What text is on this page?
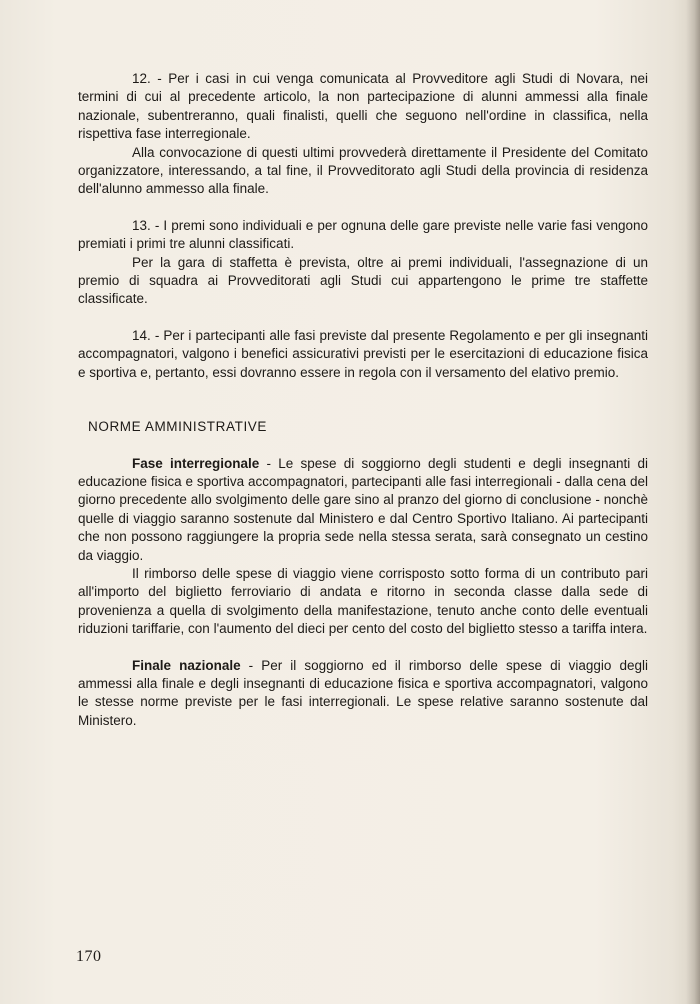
12. - Per i casi in cui venga comunicata al Provveditore agli Studi di Novara, nei termini di cui al precedente articolo, la non partecipazione di alunni ammessi alla finale nazionale, subentreranno, quali finalisti, quelli che seguono nell'ordine in classifica, nella rispettiva fase interregionale.

Alla convocazione di questi ultimi provvederà direttamente il Presidente del Comitato organizzatore, interessando, a tal fine, il Provveditorato agli Studi della provincia di residenza dell'alunno ammesso alla finale.

13. - I premi sono individuali e per ognuna delle gare previste nelle varie fasi vengono premiati i primi tre alunni classificati.

Per la gara di staffetta è prevista, oltre ai premi individuali, l'assegnazione di un premio di squadra ai Provveditorati agli Studi cui appartengono le prime tre staffette classificate.

14. - Per i partecipanti alle fasi previste dal presente Regolamento e per gli insegnanti accompagnatori, valgono i benefici assicurativi previsti per le esercitazioni di educazione fisica e sportiva e, pertanto, essi dovranno essere in regola con il versamento del elativo premio.

NORME AMMINISTRATIVE

Fase interregionale - Le spese di soggiorno degli studenti e degli insegnanti di educazione fisica e sportiva accompagnatori, partecipanti alle fasi interregionali - dalla cena del giorno precedente allo svolgimento delle gare sino al pranzo del giorno di conclusione - nonchè quelle di viaggio saranno sostenute dal Ministero e dal Centro Sportivo Italiano. Ai partecipanti che non possono raggiungere la propria sede nella stessa serata, sarà consegnato un cestino da viaggio.

Il rimborso delle spese di viaggio viene corrisposto sotto forma di un contributo pari all'importo del biglietto ferroviario di andata e ritorno in seconda classe dalla sede di provenienza a quella di svolgimento della manifestazione, tenuto anche conto delle eventuali riduzioni tariffarie, con l'aumento del dieci per cento del costo del biglietto stesso a tariffa intera.

Finale nazionale - Per il soggiorno ed il rimborso delle spese di viaggio degli ammessi alla finale e degli insegnanti di educazione fisica e sportiva accompagnatori, valgono le stesse norme previste per le fasi interregionali. Le spese relative saranno sostenute dal Ministero.

170
